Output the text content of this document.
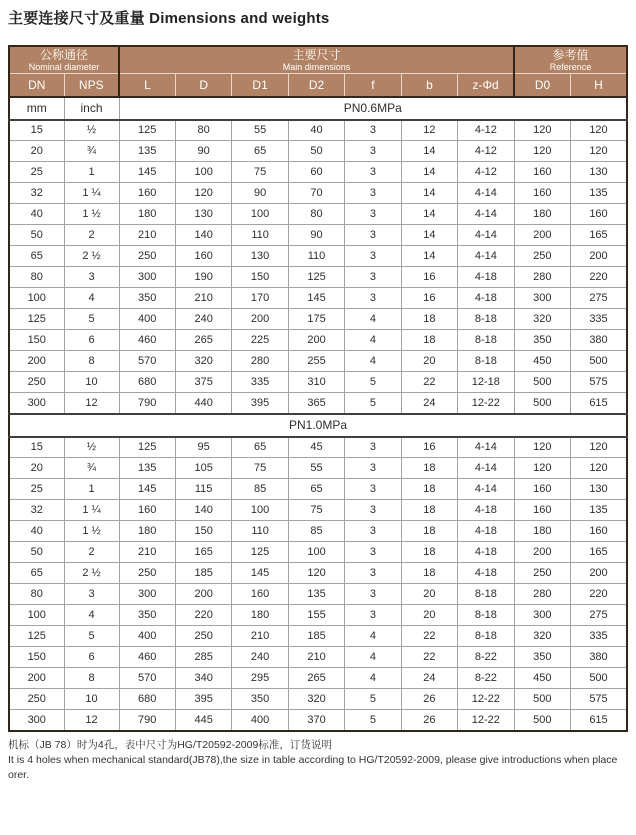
主要连接尺寸及重量 Dimensions and weights
公称通径
Nominal diameter

主要尺寸
Main dimensions

参考值
Reference

DN	NPS	L	D	D1	D2	f	b	z-Φd	D0	H
mm	inch	PN0.6MPa								
15	½	125	80	55	40	3	12	4-12	120	120
20	¾	135	90	65	50	3	14	4-12	120	120
25	1	145	100	75	60	3	14	4-12	160	130
32	1 ¼	160	120	90	70	3	14	4-14	160	135
40	1 ½	180	130	100	80	3	14	4-14	180	160
50	2	210	140	110	90	3	14	4-14	200	165
65	2 ½	250	160	130	110	3	14	4-14	250	200
80	3	300	190	150	125	3	16	4-18	280	220
100	4	350	210	170	145	3	16	4-18	300	275
125	5	400	240	200	175	4	18	8-18	320	335
150	6	460	265	225	200	4	18	8-18	350	380
200	8	570	320	280	255	4	20	8-18	450	500
250	10	680	375	335	310	5	22	12-18	500	575
300	12	790	440	395	365	5	24	12-22	500	615
PN1.0MPa										
15	½	125	95	65	45	3	16	4-14	120	120
20	¾	135	105	75	55	3	18	4-14	120	120
25	1	145	115	85	65	3	18	4-14	160	130
32	1 ¼	160	140	100	75	3	18	4-18	160	135
40	1 ½	180	150	110	85	3	18	4-18	180	160
50	2	210	165	125	100	3	18	4-18	200	165
65	2 ½	250	185	145	120	3	18	4-18	250	200
80	3	300	200	160	135	3	20	8-18	280	220
100	4	350	220	180	155	3	20	8-18	300	275
125	5	400	250	210	185	4	22	8-18	320	335
150	6	460	285	240	210	4	22	8-22	350	380
200	8	570	340	295	265	4	24	8-22	450	500
250	10	680	395	350	320	5	26	12-22	500	575
300	12	790	445	400	370	5	26	12-22	500	615
机标（JB 78）时为4孔，表中尺寸为HG/T20592-2009标准，订货说明
It is 4 holes when mechanical standard(JB78),the size in table according to HG/T20592-2009, please give introductions when place orer.
